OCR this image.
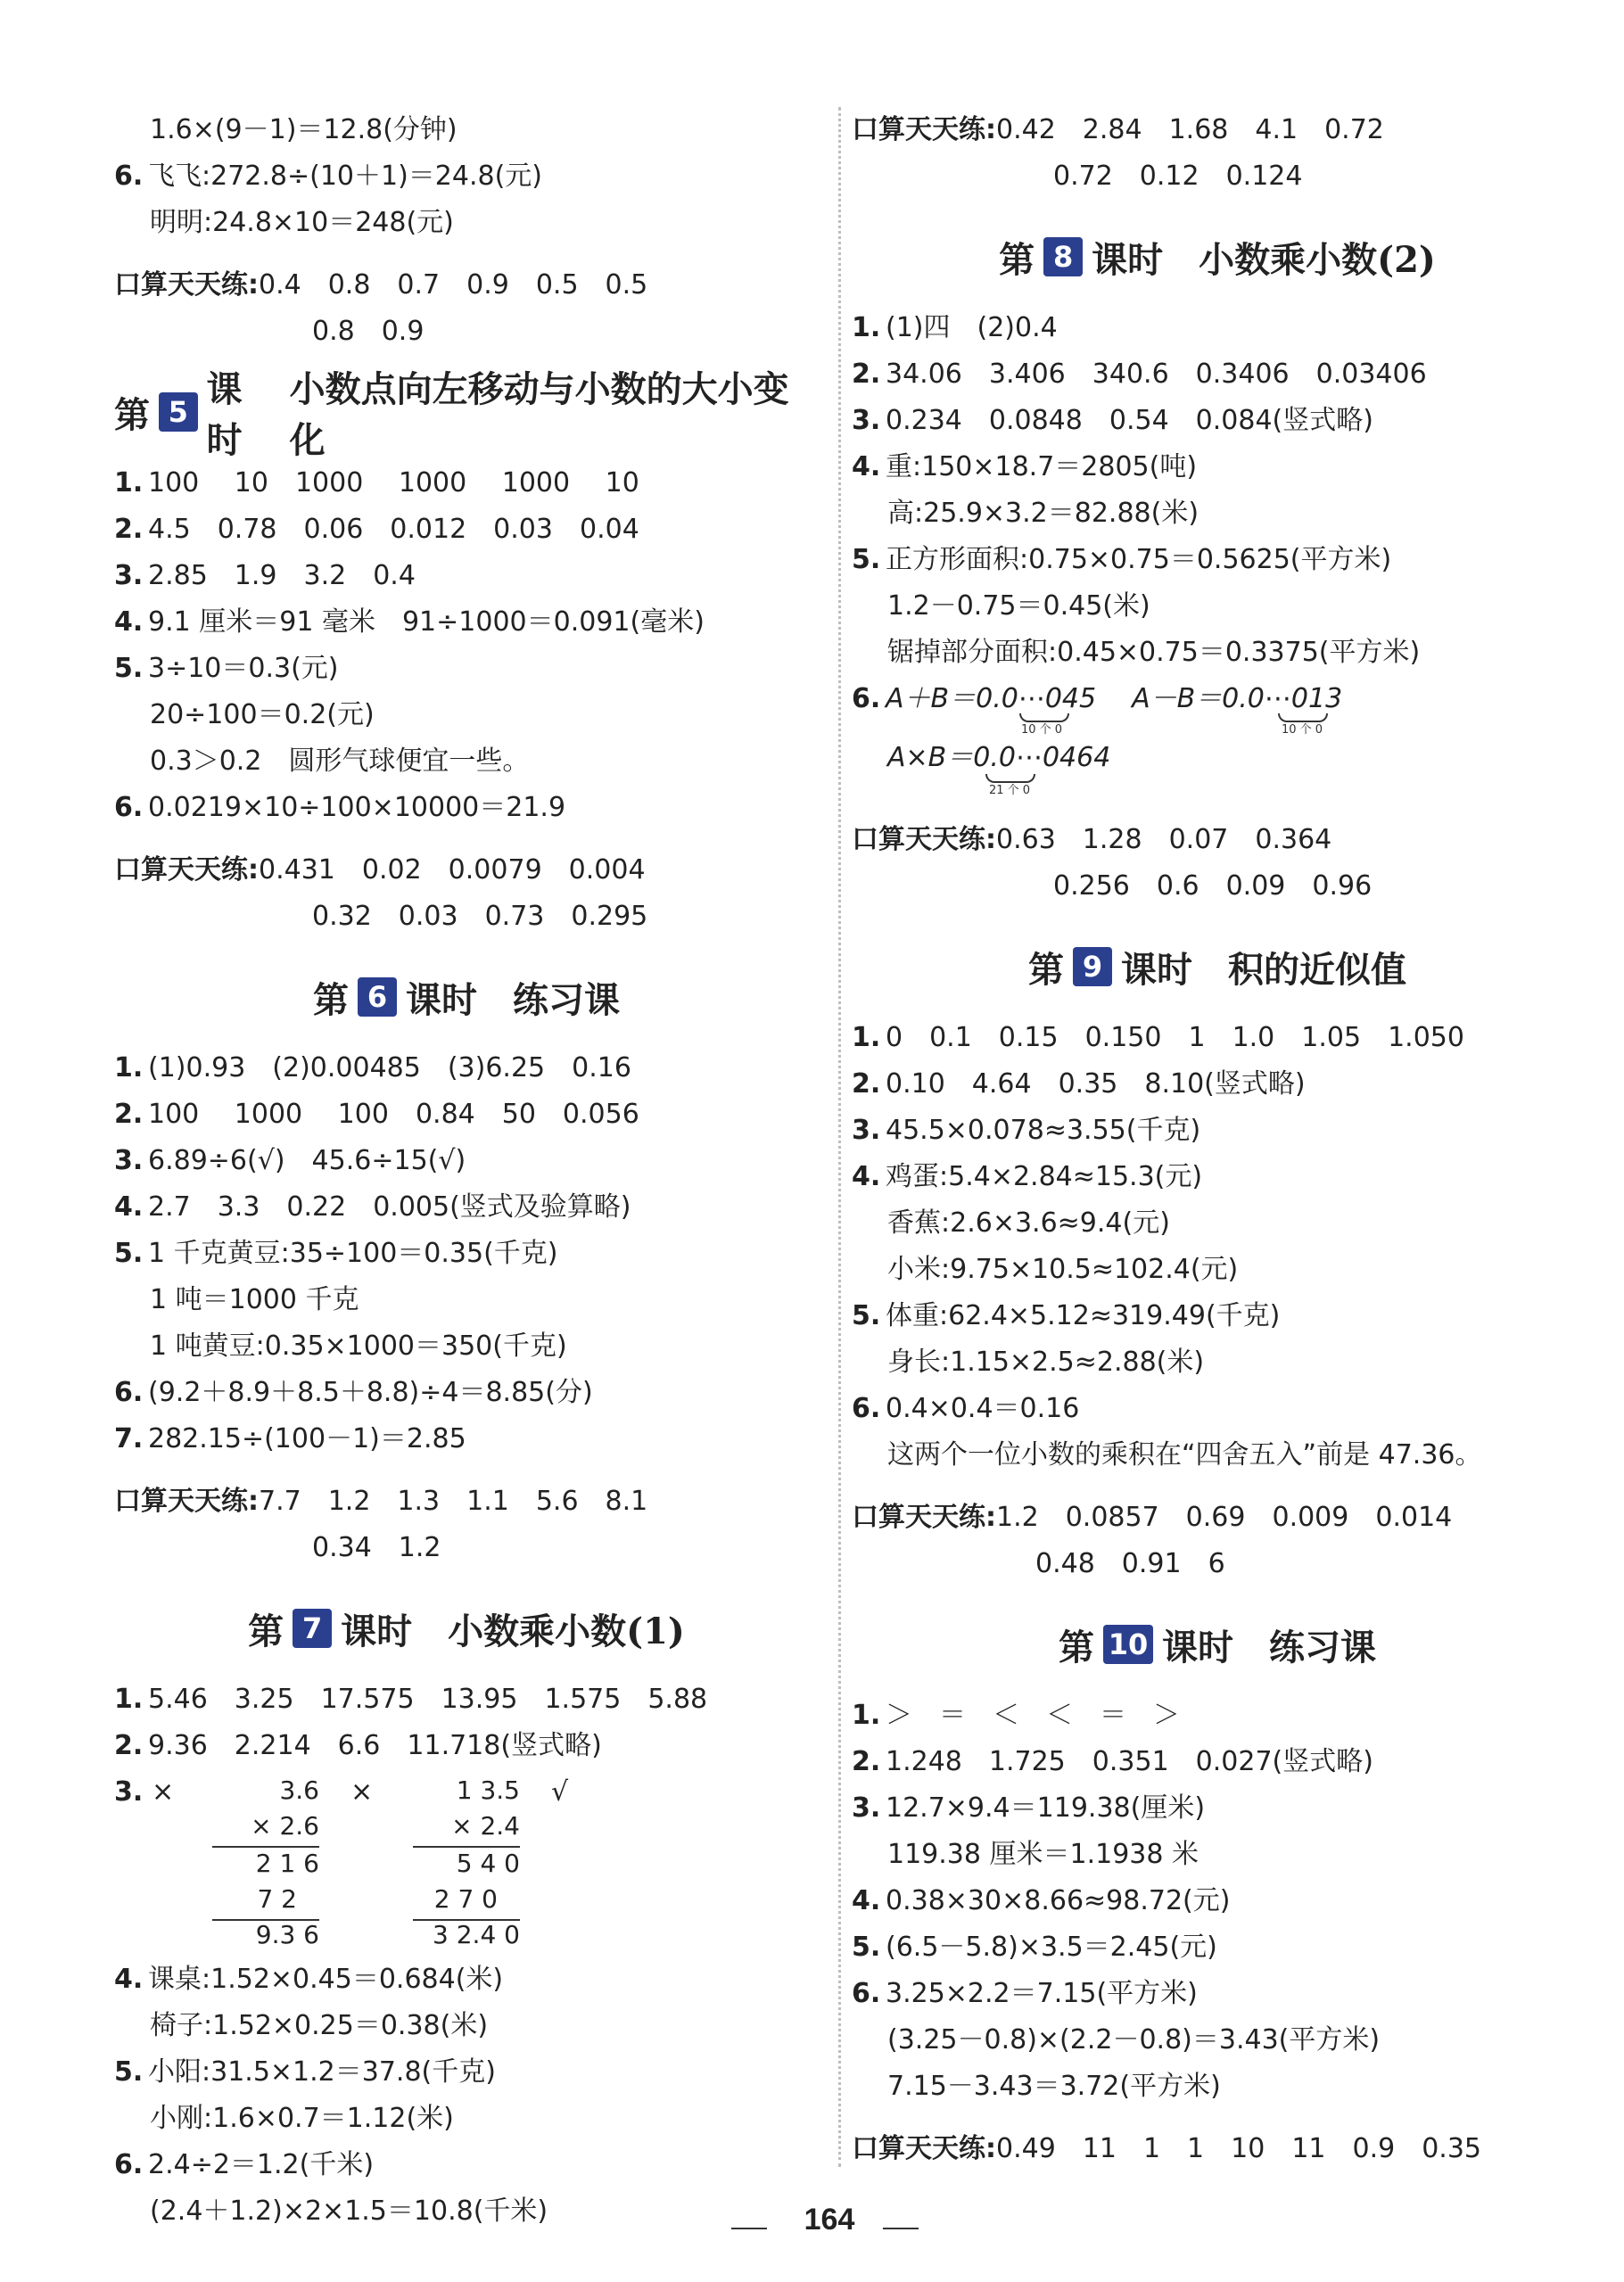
1.6×(9－1)＝12.8(分钟)
6. 飞飞:272.8÷(10＋1)＝24.8(元)
明明:24.8×10＝248(元)
口算天天练:0.4　0.8　0.7　0.9　0.5　0.5
0.8　0.9
第 5
课时

小数点向左移动与小数的大小变化
1. 100　 10　1000　 1000　 1000　 10
2. 4.5　0.78　0.06　0.012　0.03　0.04
3. 2.85　1.9　3.2　0.4
4. 9.1 厘米＝91 毫米　91÷1000＝0.091(毫米)
5. 3÷10＝0.3(元)
20÷100＝0.2(元)
0.3＞0.2　圆形气球便宜一些。
6. 0.0219×10÷100×10000＝21.9
口算天天练:0.431　0.02　0.0079　0.004
0.32　0.03　0.73　0.295
第 6 课时 练习课
1. (1)0.93　(2)0.00485　(3)6.25　0.16
2. 100　 1000　 100　0.84　50　0.056
3. 6.89÷6(√)　45.6÷15(√)
4. 2.7　3.3　0.22　0.005(竖式及验算略)
5. 1 千克黄豆:35÷100＝0.35(千克)
1 吨＝1000 千克
1 吨黄豆:0.35×1000＝350(千克)
6. (9.2＋8.9＋8.5＋8.8)÷4＝8.85(分)
7. 282.15÷(100－1)＝2.85
口算天天练:7.7　1.2　1.3　1.1　5.6　8.1
0.34　1.2
第 7 课时 小数乘小数(1)
1. 5.46　3.25　17.575　13.95　1.575　5.88
2. 9.36　2.214　6.6　11.718(竖式略)
3. ×	3.6
× 2.6
2 1 6
7 2
9.3 6
×	1 3.5
× 2.4
5 4 0
2 7 0
3 2.4 0
√
4. 课桌:1.52×0.45＝0.684(米)
椅子:1.52×0.25＝0.38(米)
5. 小阳:31.5×1.2＝37.8(千克)
小刚:1.6×0.7＝1.12(米)
6. 2.4÷2＝1.2(千米)
(2.4＋1.2)×2×1.5＝10.8(千米)
口算天天练:0.42　2.84　1.68　4.1　0.72
0.72　0.12　0.124
第 8 课时 小数乘小数(2)
1. (1)四　(2)0.4
2. 34.06　3.406　340.6　0.3406　0.03406
3. 0.234　0.0848　0.54　0.084(竖式略)
4. 重:150×18.7＝2805(吨)
高:25.9×3.2＝82.88(米)
5. 正方形面积:0.75×0.75＝0.5625(平方米)
1.2－0.75＝0.45(米)
锯掉部分面积:0.45×0.75＝0.3375(平方米)
6. A＋B＝0.0⋯045 A－B＝0.0⋯013
10 个 0	10 个 0
A×B＝0.0⋯0464
21 个 0
口算天天练:0.63　1.28　0.07　0.364
0.256　0.6　0.09　0.96
第 9 课时 积的近似值
1. 0　0.1　0.15　0.150　1　1.0　1.05　1.050
2. 0.10　4.64　0.35　8.10(竖式略)
3. 45.5×0.078≈3.55(千克)
4. 鸡蛋:5.4×2.84≈15.3(元)
香蕉:2.6×3.6≈9.4(元)
小米:9.75×10.5≈102.4(元)
5. 体重:62.4×5.12≈319.49(千克)
身长:1.15×2.5≈2.88(米)
6. 0.4×0.4＝0.16
这两个一位小数的乘积在“四舍五入”前是 47.36。
口算天天练:1.2　0.0857　0.69　0.009　0.014
0.48　0.91　6
第 10 课时 练习课
1. ＞　＝　＜　＜　＝　＞
2. 1.248　1.725　0.351　0.027(竖式略)
3. 12.7×9.4＝119.38(厘米)
119.38 厘米＝1.1938 米
4. 0.38×30×8.66≈98.72(元)
5. (6.5－5.8)×3.5＝2.45(元)
6. 3.25×2.2＝7.15(平方米)
(3.25－0.8)×(2.2－0.8)＝3.43(平方米)
7.15－3.43＝3.72(平方米)
口算天天练:0.49　11　1　1　10　11　0.9　0.35
164
